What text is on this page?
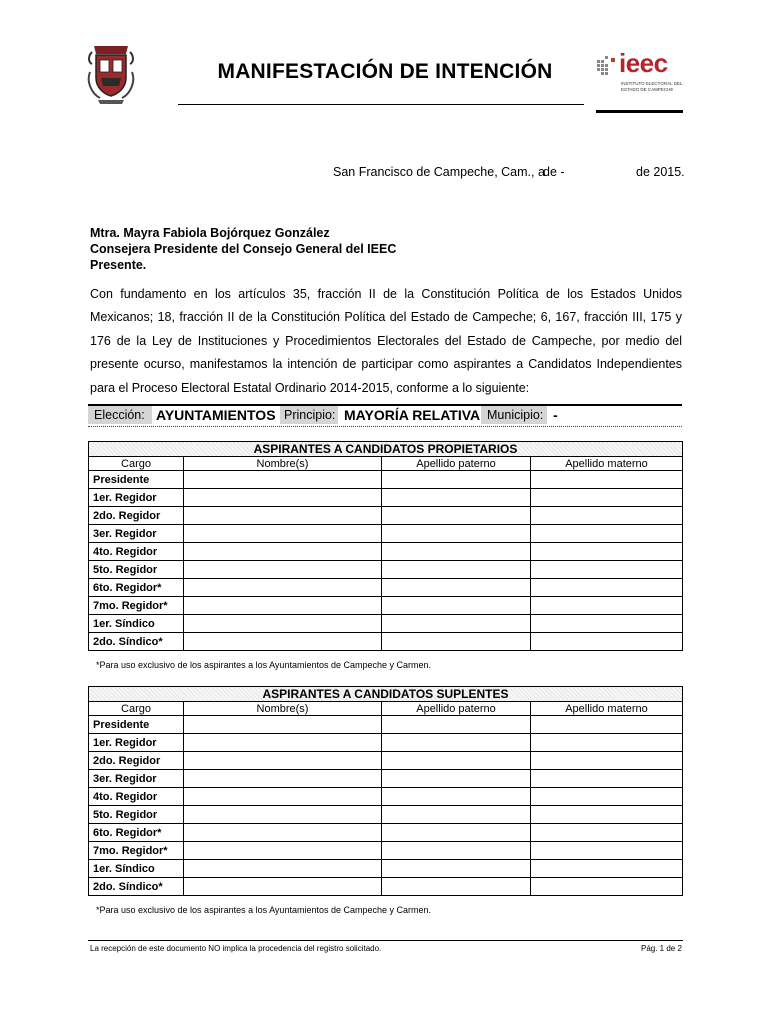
MANIFESTACIÓN DE INTENCIÓN	ieec
INSTITUTO ELECTORAL DEL
ESTADO DE CAMPECHE
San Francisco de Campeche, Cam., a
de -	de 2015.
Mtra. Mayra Fabiola Bojórquez González
Consejera Presidente del Consejo General del IEEC
Presente.
Con fundamento en los artículos 35, fracción II de la Constitución Política de los Estados Unidos Mexicanos; 18, fracción II de la Constitución Política del Estado de Campeche; 6, 167, fracción III, 175 y 176 de la Ley de Instituciones y Procedimientos Electorales del Estado de Campeche, por medio del presente ocurso, manifestamos la intención de participar como aspirantes a Candidatos Independientes para el Proceso Electoral Estatal Ordinario 2014-2015, conforme a lo siguiente:
Elección: AYUNTAMIENTOS Principio: MAYORÍA RELATIVA Municipio: -
ASPIRANTES A CANDIDATOS PROPIETARIOS			
Cargo	Nombre(s)	Apellido paterno	Apellido materno
Presidente			
1er. Regidor			
2do. Regidor			
3er. Regidor			
4to. Regidor			
5to. Regidor			
6to. Regidor*			
7mo. Regidor*			
1er. Síndico			
2do. Síndico*			
*Para uso exclusivo de los aspirantes a los Ayuntamientos de Campeche y Carmen.
ASPIRANTES A CANDIDATOS SUPLENTES			
Cargo	Nombre(s)	Apellido paterno	Apellido materno
Presidente			
1er. Regidor			
2do. Regidor			
3er. Regidor			
4to. Regidor			
5to. Regidor			
6to. Regidor*			
7mo. Regidor*			
1er. Síndico			
2do. Síndico*			
*Para uso exclusivo de los aspirantes a los Ayuntamientos de Campeche y Carmen.
La recepción de este documento NO implica la procedencia del registro solicitado.	Pág. 1 de 2
